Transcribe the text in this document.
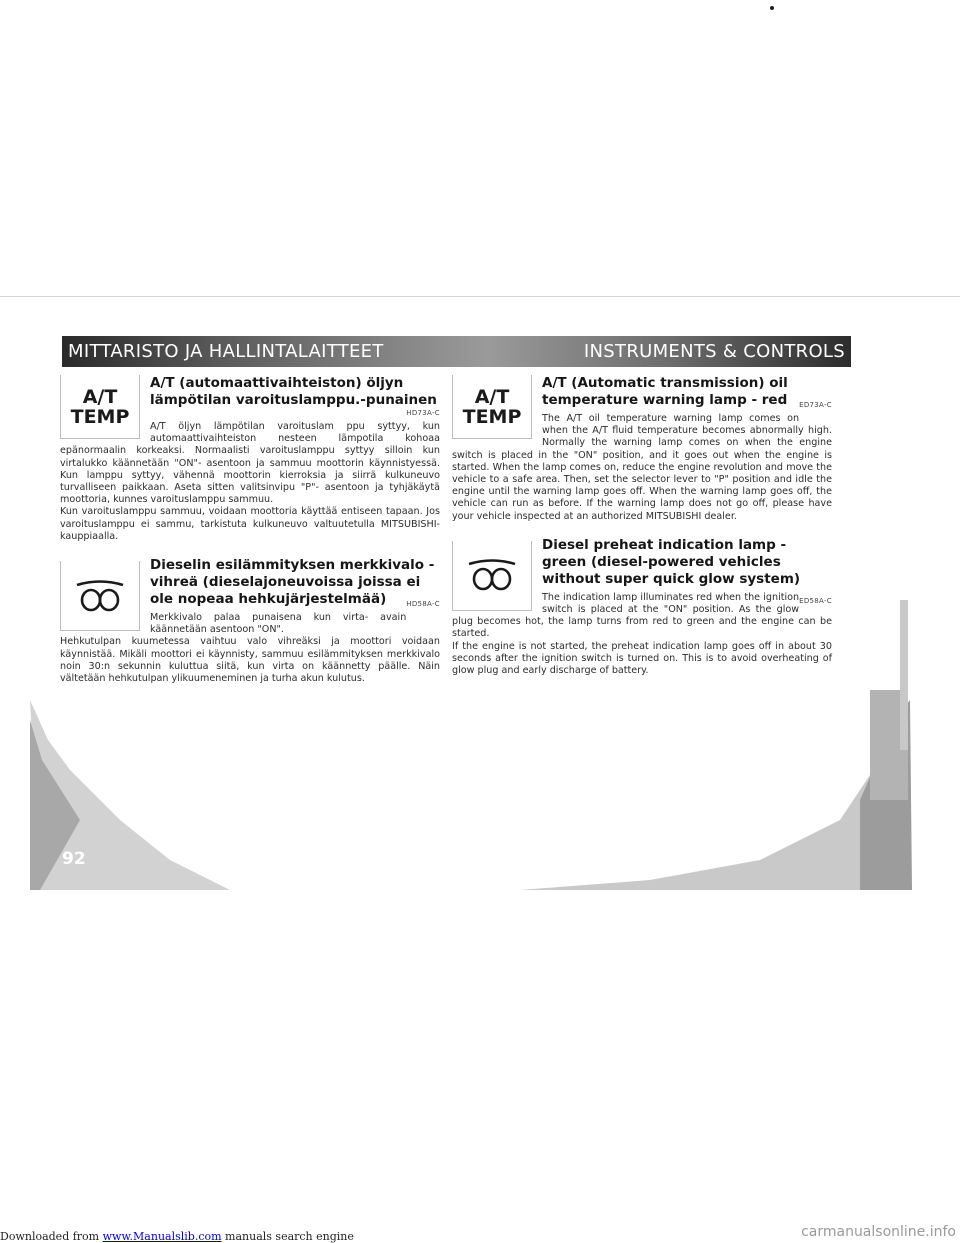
MITTARISTO JA HALLINTALAITTEET	INSTRUMENTS & CONTROLS
A/T
TEMP
A/T (automaattivaihteiston) öljyn lämpötilan varoituslamppu.-punainen
HD73A-C

A/T öljyn lämpötilan varoituslam ppu syttyy, kun automaattivaihteiston nesteen lämpotila kohoaa epänormaalin korkeaksi. Normaalisti varoituslamppu syttyy silloin kun virtalukko käännetään "ON"- asentoon ja sammuu moottorin käynnistyessä. Kun lamppu syttyy, vähennä moottorin kierroksia ja siirrä kulkuneuvo turvalliseen paikkaan. Aseta sitten valitsinvipu "P"- asentoon ja tyhjäkäytä moottoria, kunnes varoituslamppu sammuu.
Kun varoituslamppu sammuu, voidaan moottoria käyttää entiseen tapaan. Jos varoituslamppu ei sammu, tarkistuta kulkuneuvo valtuutetulla MITSUBISHI-kauppiaalla.

Dieselin esilämmityksen merkkivalo - vihreä (dieselajoneuvoissa joissa ei ole nopeaa hehkujärjestelmää)	HD58A-C

Merkkivalo palaa punaisena kun virta- avain käännetään asentoon "ON".
Hehkutulpan kuumetessa vaihtuu valo vihreäksi ja moottori voidaan käynnistää. Mikäli moottori ei käynnisty, sammuu esilämmityksen merkkivalo noin 30:n sekunnin kuluttua siitä, kun virta on käännetty päälle. Näin vältetään hehkutulpan ylikuumeneminen ja turha akun kulutus.

A/T
TEMP
A/T (Automatic transmission) oil temperature warning lamp - red ED73A-C

The A/T oil temperature warning lamp comes on when the A/T fluid temperature becomes abnormally high. Normally the warning lamp comes on when the engine switch is placed in the "ON" position, and it goes out when the engine is started. When the lamp comes on, reduce the engine revolution and move the vehicle to a safe area. Then, set the selector lever to "P" position and idle the engine until the warning lamp goes off. When the warning lamp goes off, the vehicle can run as before. If the warning lamp does not go off, please have your vehicle inspected at an authorized MITSUBISHI dealer.

Diesel preheat indication lamp - green (diesel-powered vehicles without super quick glow system)
ED58A-C

The indication lamp illuminates red when the ignition switch is placed at the "ON" position. As the glow plug becomes hot, the lamp turns from red to green and the engine can be started.
If the engine is not started, the preheat indication lamp goes off in about 30 seconds after the ignition switch is turned on. This is to avoid overheating of glow plug and early discharge of battery.

92
Downloaded from www.Manualslib.com manuals search engine	carmanualsonline.info
